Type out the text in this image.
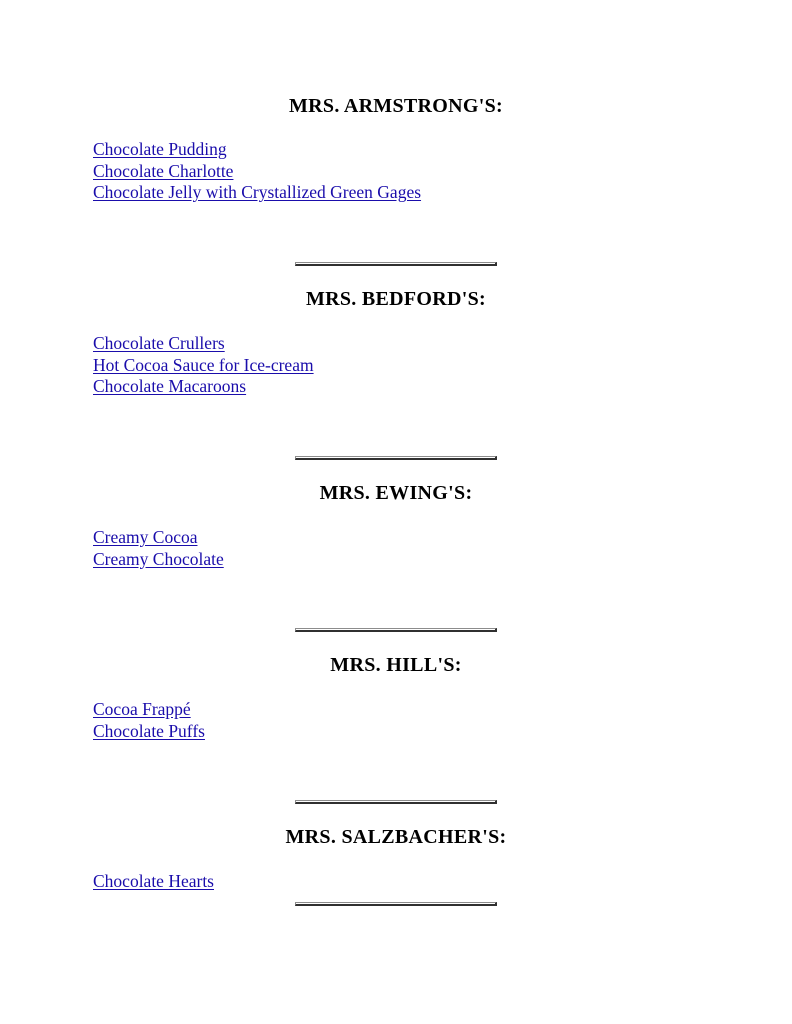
MRS. ARMSTRONG'S:
Chocolate Pudding
Chocolate Charlotte
Chocolate Jelly with Crystallized Green Gages
MRS. BEDFORD'S:
Chocolate Crullers
Hot Cocoa Sauce for Ice-cream
Chocolate Macaroons
MRS. EWING'S:
Creamy Cocoa
Creamy Chocolate
MRS. HILL'S:
Cocoa Frappé
Chocolate Puffs
MRS. SALZBACHER'S:
Chocolate Hearts
